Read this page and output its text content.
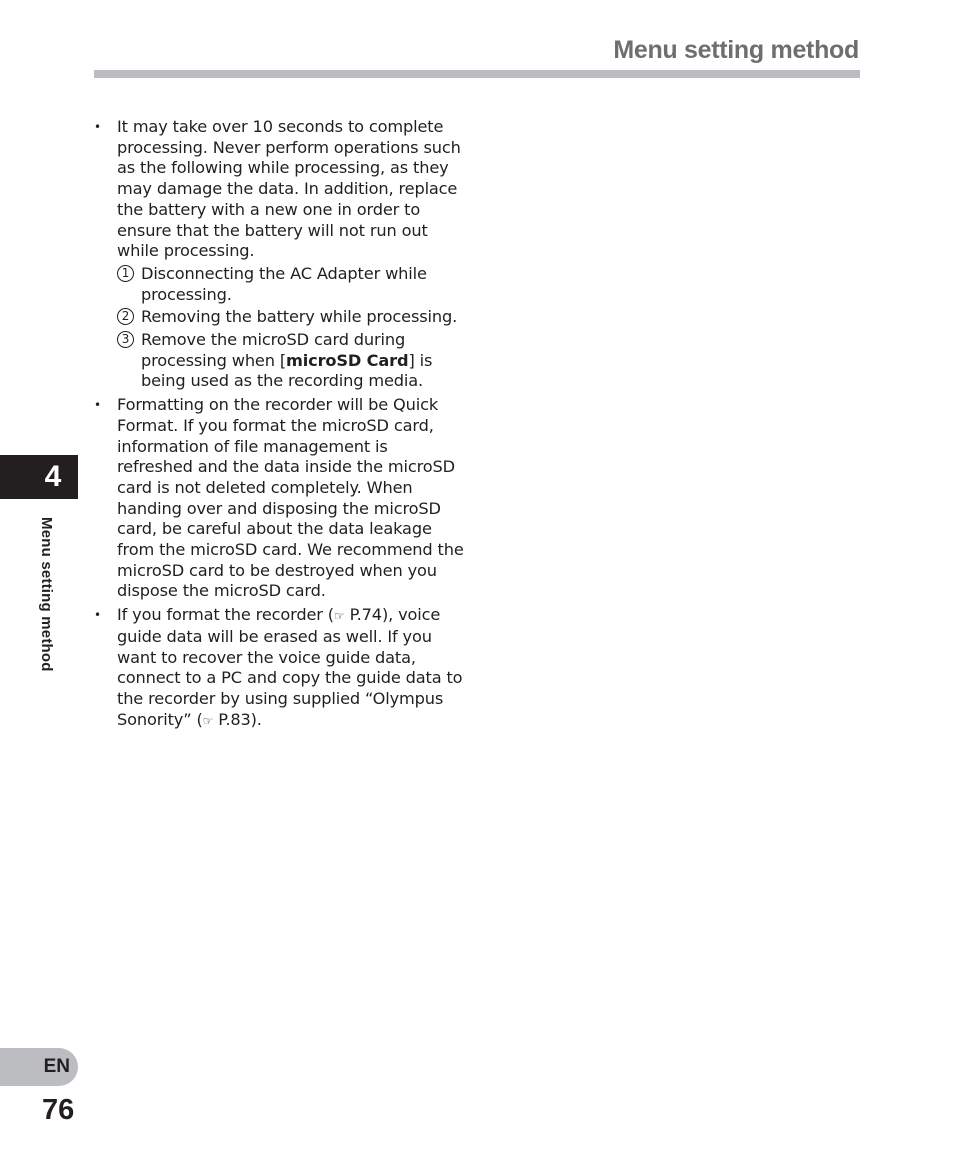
Menu setting method
4
Menu setting method
EN
76
• It may take over 10 seconds to complete processing. Never perform operations such as the following while processing, as they may damage the data. In addition, replace the battery with a new one in order to ensure that the battery will not run out while processing.
1 Disconnecting the AC Adapter while processing.
2 Removing the battery while processing.
3 Remove the microSD card during processing when [microSD Card] is being used as the recording media.
• Formatting on the recorder will be Quick Format. If you format the microSD card, information of file management is refreshed and the data inside the microSD card is not deleted completely. When handing over and disposing the microSD card, be careful about the data leakage from the microSD card. We recommend the microSD card to be destroyed when you dispose the microSD card.
• If you format the recorder (☞ P.74), voice guide data will be erased as well. If you want to recover the voice guide data, connect to a PC and copy the guide data to the recorder by using supplied “Olympus Sonority” (☞ P.83).
